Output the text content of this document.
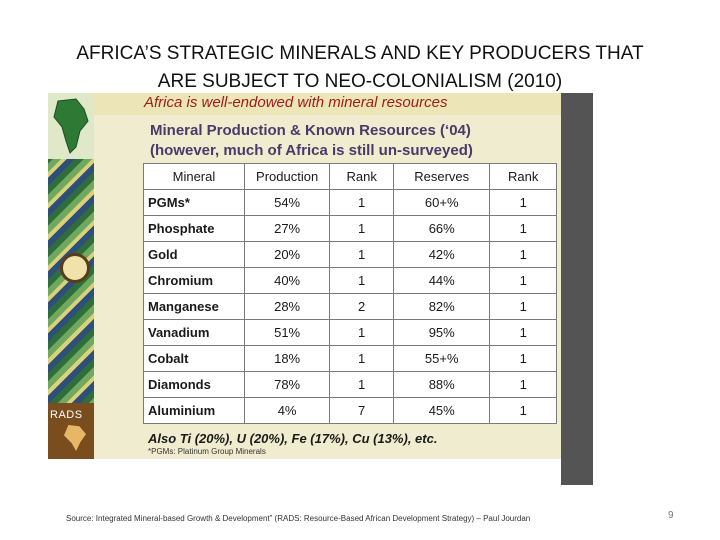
AFRICA’S STRATEGIC MINERALS AND KEY PRODUCERS THAT
ARE SUBJECT TO NEO-COLONIALISM (2010)
RADS
Africa is well-endowed with mineral resources
Mineral Production & Known Resources (‘04)
(however, much of Africa is still un-surveyed)
Mineral	Production	Rank	Reserves	Rank
PGMs*	54%	1	60+%	1
Phosphate	27%	1	66%	1
Gold	20%	1	42%	1
Chromium	40%	1	44%	1
Manganese	28%	2	82%	1
Vanadium	51%	1	95%	1
Cobalt	18%	1	55+%	1
Diamonds	78%	1	88%	1
Aluminium	4%	7	45%	1
Also Ti (20%), U (20%), Fe (17%), Cu (13%), etc.
*PGMs: Platinum Group Minerals
Source: Integrated Mineral-based Growth & Development” (RADS: Resource-Based African Development Strategy) – Paul Jourdan	9
